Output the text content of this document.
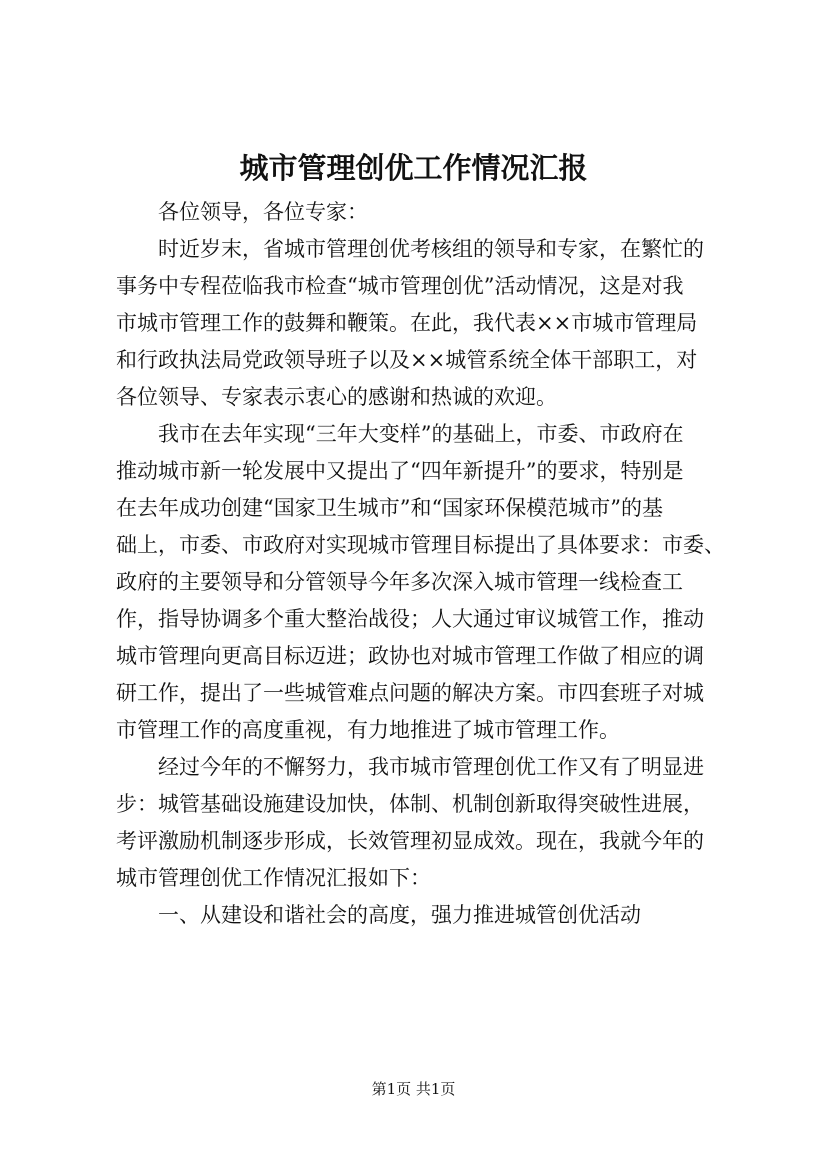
城市管理创优工作情况汇报
各位领导，各位专家：
时近岁末，省城市管理创优考核组的领导和专家，在繁忙的
事务中专程莅临我市检查“城市管理创优”活动情况，这是对我
市城市管理工作的鼓舞和鞭策。在此，我代表××市城市管理局
和行政执法局党政领导班子以及××城管系统全体干部职工，对
各位领导、专家表示衷心的感谢和热诚的欢迎。
我市在去年实现“三年大变样”的基础上，市委、市政府在
推动城市新一轮发展中又提出了“四年新提升”的要求，特别是
在去年成功创建“国家卫生城市”和“国家环保模范城市”的基
础上，市委、市政府对实现城市管理目标提出了具体要求：市委、
政府的主要领导和分管领导今年多次深入城市管理一线检查工
作，指导协调多个重大整治战役；人大通过审议城管工作，推动
城市管理向更高目标迈进；政协也对城市管理工作做了相应的调
研工作，提出了一些城管难点问题的解决方案。市四套班子对城
市管理工作的高度重视，有力地推进了城市管理工作。
经过今年的不懈努力，我市城市管理创优工作又有了明显进
步：城管基础设施建设加快，体制、机制创新取得突破性进展，
考评激励机制逐步形成，长效管理初显成效。现在，我就今年的
城市管理创优工作情况汇报如下：
一、从建设和谐社会的高度，强力推进城管创优活动
第1页 共1页
